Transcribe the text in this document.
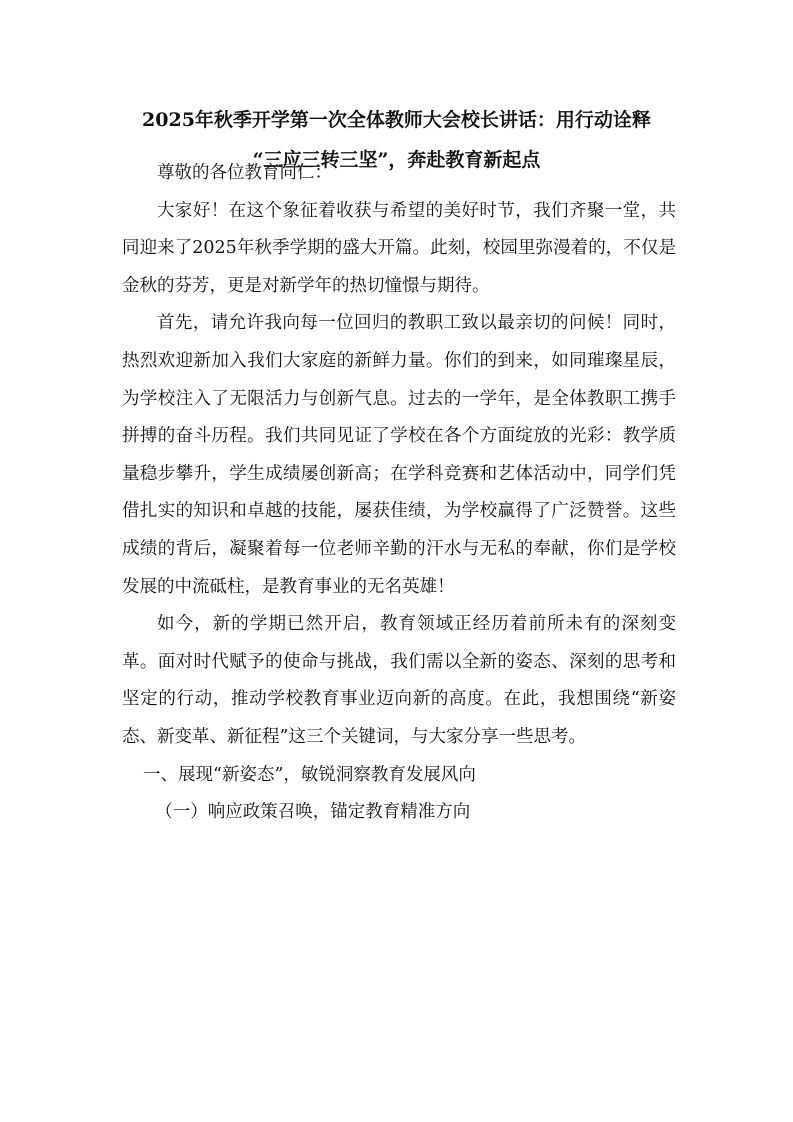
2025年秋季开学第一次全体教师大会校长讲话：用行动诠释
“三应三转三坚”，奔赴教育新起点

尊敬的各位教育同仁：

大家好！在这个象征着收获与希望的美好时节，我们齐聚一堂，共同迎来了2025年秋季学期的盛大开篇。此刻，校园里弥漫着的，不仅是金秋的芬芳，更是对新学年的热切憧憬与期待。

首先，请允许我向每一位回归的教职工致以最亲切的问候！同时，热烈欢迎新加入我们大家庭的新鲜力量。你们的到来，如同璀璨星辰，为学校注入了无限活力与创新气息。过去的一学年，是全体教职工携手拼搏的奋斗历程。我们共同见证了学校在各个方面绽放的光彩：教学质量稳步攀升，学生成绩屡创新高；在学科竞赛和艺体活动中，同学们凭借扎实的知识和卓越的技能，屡获佳绩，为学校赢得了广泛赞誉。这些成绩的背后，凝聚着每一位老师辛勤的汗水与无私的奉献，你们是学校发展的中流砥柱，是教育事业的无名英雄！

如今，新的学期已然开启，教育领域正经历着前所未有的深刻变革。面对时代赋予的使命与挑战，我们需以全新的姿态、深刻的思考和坚定的行动，推动学校教育事业迈向新的高度。在此，我想围绕“新姿态、新变革、新征程”这三个关键词，与大家分享一些思考。

一、展现“新姿态”，敏锐洞察教育发展风向

（一）响应政策召唤，锚定教育精准方向
